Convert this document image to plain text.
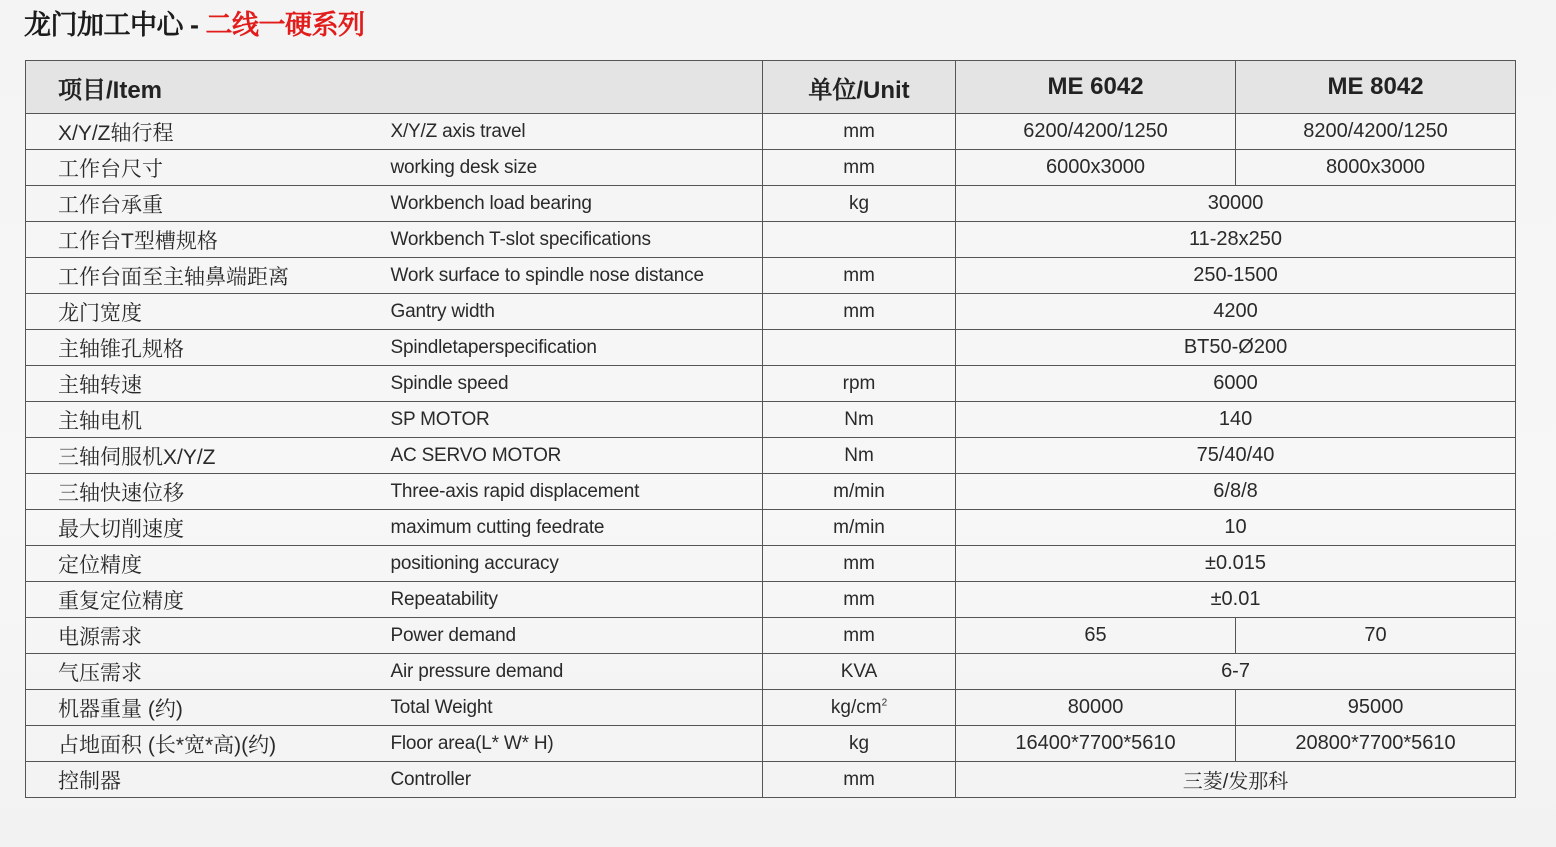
龙门加工中心 - 二线一硬系列
项目/Item		单位/Unit	ME 6042	ME 8042
X/Y/Z轴行程	X/Y/Z axis travel	mm	6200/4200/1250	8200/4200/1250
工作台尺寸	working desk size	mm	6000x3000	8000x3000
工作台承重	Workbench load bearing	kg	30000	
工作台T型槽规格	Workbench T-slot specifications		11-28x250	
工作台面至主轴鼻端距离	Work surface to spindle nose distance	mm	250-1500	
龙门宽度	Gantry width	mm	4200	
主轴锥孔规格	Spindletaperspecification		BT50-Ø200	
主轴转速	Spindle speed	rpm	6000	
主轴电机	SP MOTOR	Nm	140	
三轴伺服机X/Y/Z	AC SERVO MOTOR	Nm	75/40/40	
三轴快速位移	Three-axis rapid displacement	m/min	6/8/8	
最大切削速度	maximum cutting feedrate	m/min	10	
定位精度	positioning accuracy	mm	±0.015	
重复定位精度	Repeatability	mm	±0.01	
电源需求	Power demand	mm	65	70
气压需求	Air pressure demand	KVA	6-7	
机器重量 (约)	Total Weight	$kg/cm^2$	80000	95000
占地面积 (长*宽*高)(约)	Floor area(L* W* H)	kg	16400*7700*5610	20800*7700*5610
控制器	Controller	mm	三菱/发那科	
